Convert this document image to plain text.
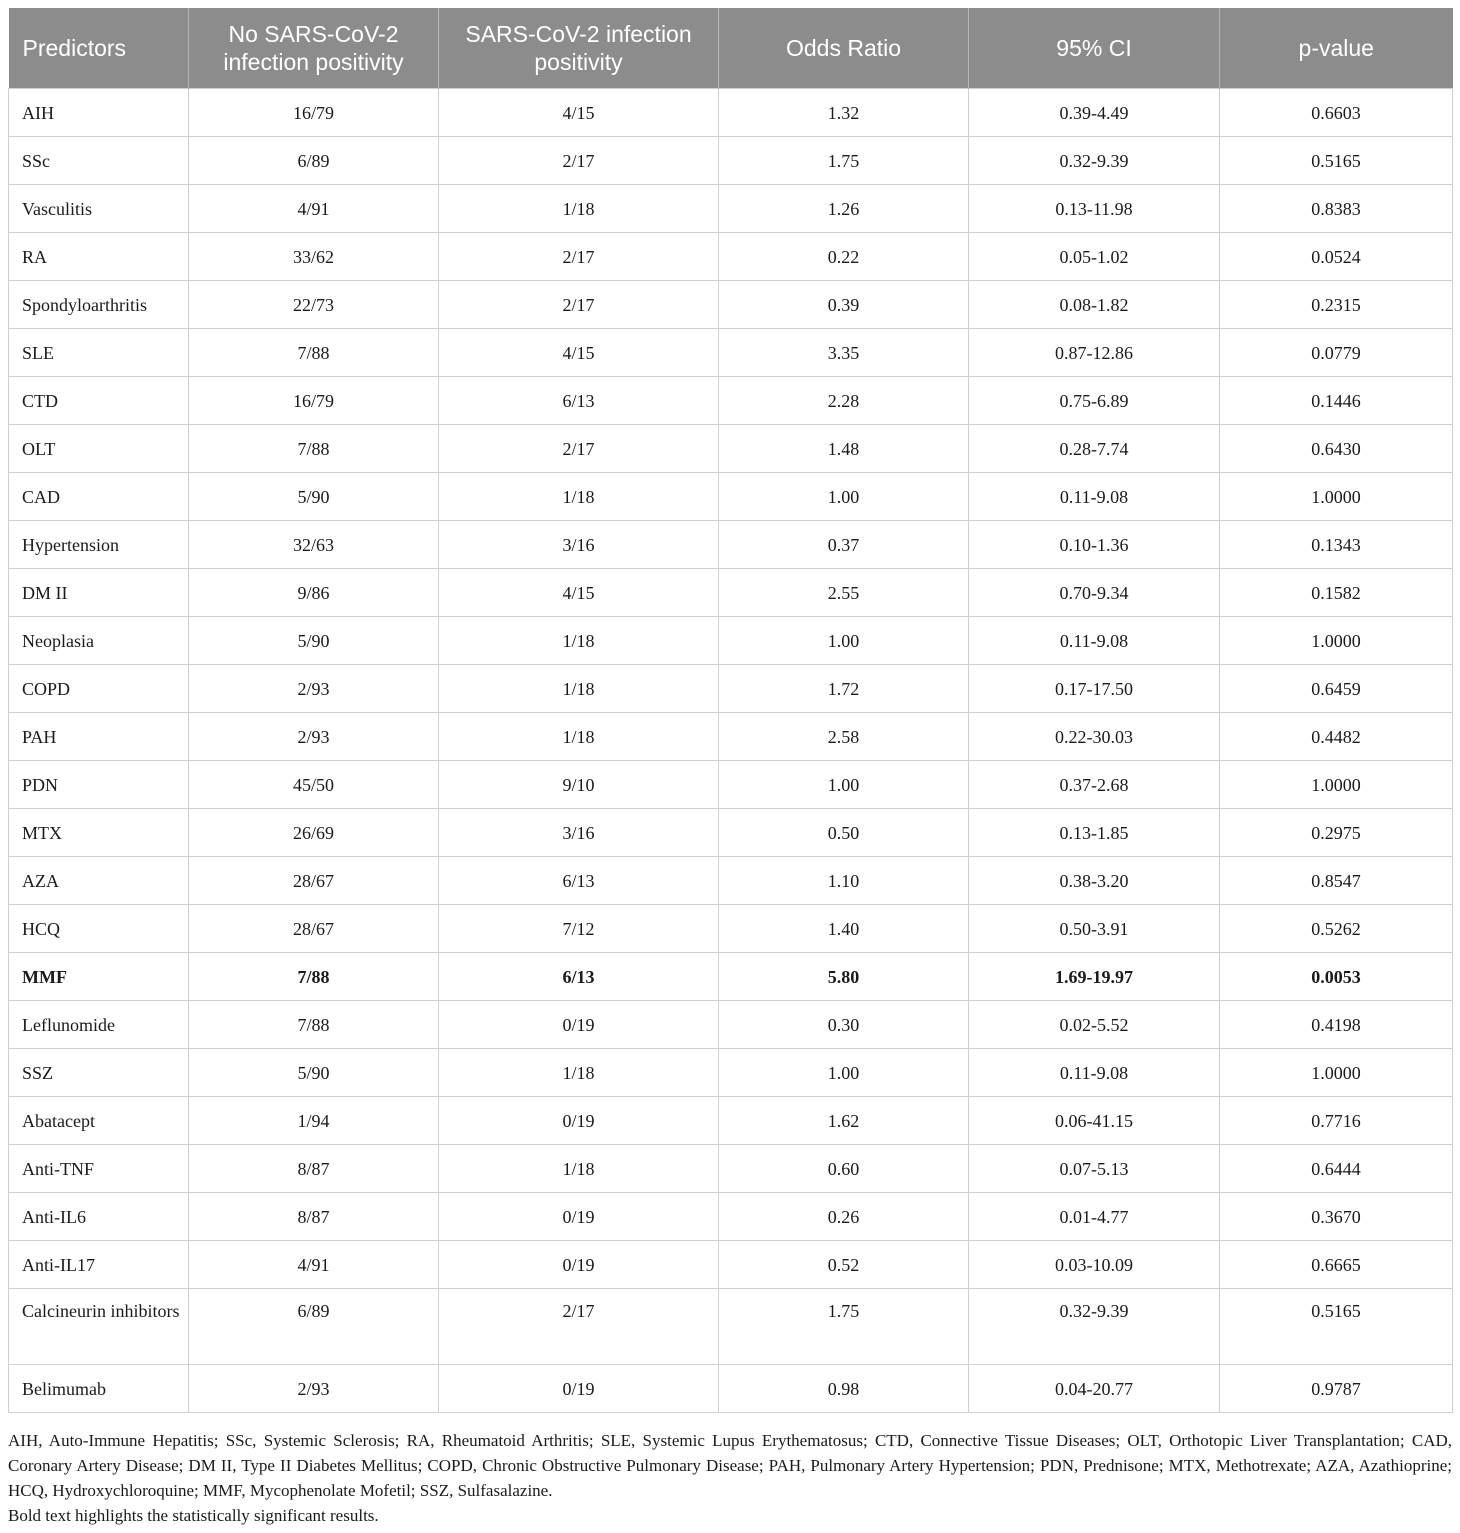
Predictors	No SARS-CoV-2 infection positivity	SARS-CoV-2 infection positivity	Odds Ratio	95% CI	p-value
AIH	16/79	4/15	1.32	0.39-4.49	0.6603
SSc	6/89	2/17	1.75	0.32-9.39	0.5165
Vasculitis	4/91	1/18	1.26	0.13-11.98	0.8383
RA	33/62	2/17	0.22	0.05-1.02	0.0524
Spondyloarthritis	22/73	2/17	0.39	0.08-1.82	0.2315
SLE	7/88	4/15	3.35	0.87-12.86	0.0779
CTD	16/79	6/13	2.28	0.75-6.89	0.1446
OLT	7/88	2/17	1.48	0.28-7.74	0.6430
CAD	5/90	1/18	1.00	0.11-9.08	1.0000
Hypertension	32/63	3/16	0.37	0.10-1.36	0.1343
DM II	9/86	4/15	2.55	0.70-9.34	0.1582
Neoplasia	5/90	1/18	1.00	0.11-9.08	1.0000
COPD	2/93	1/18	1.72	0.17-17.50	0.6459
PAH	2/93	1/18	2.58	0.22-30.03	0.4482
PDN	45/50	9/10	1.00	0.37-2.68	1.0000
MTX	26/69	3/16	0.50	0.13-1.85	0.2975
AZA	28/67	6/13	1.10	0.38-3.20	0.8547
HCQ	28/67	7/12	1.40	0.50-3.91	0.5262
MMF	7/88	6/13	5.80	1.69-19.97	0.0053
Leflunomide	7/88	0/19	0.30	0.02-5.52	0.4198
SSZ	5/90	1/18	1.00	0.11-9.08	1.0000
Abatacept	1/94	0/19	1.62	0.06-41.15	0.7716
Anti-TNF	8/87	1/18	0.60	0.07-5.13	0.6444
Anti-IL6	8/87	0/19	0.26	0.01-4.77	0.3670
Anti-IL17	4/91	0/19	0.52	0.03-10.09	0.6665
Calcineurin inhibitors	6/89	2/17	1.75	0.32-9.39	0.5165
Belimumab	2/93	0/19	0.98	0.04-20.77	0.9787

AIH, Auto-Immune Hepatitis; SSc, Systemic Sclerosis; RA, Rheumatoid Arthritis; SLE, Systemic Lupus Erythematosus; CTD, Connective Tissue Diseases; OLT, Orthotopic Liver Transplantation; CAD, Coronary Artery Disease; DM II, Type II Diabetes Mellitus; COPD, Chronic Obstructive Pulmonary Disease; PAH, Pulmonary Artery Hypertension; PDN, Prednisone; MTX, Methotrexate; AZA, Azathioprine; HCQ, Hydroxychloroquine; MMF, Mycophenolate Mofetil; SSZ, Sulfasalazine.

Bold text highlights the statistically significant results.
